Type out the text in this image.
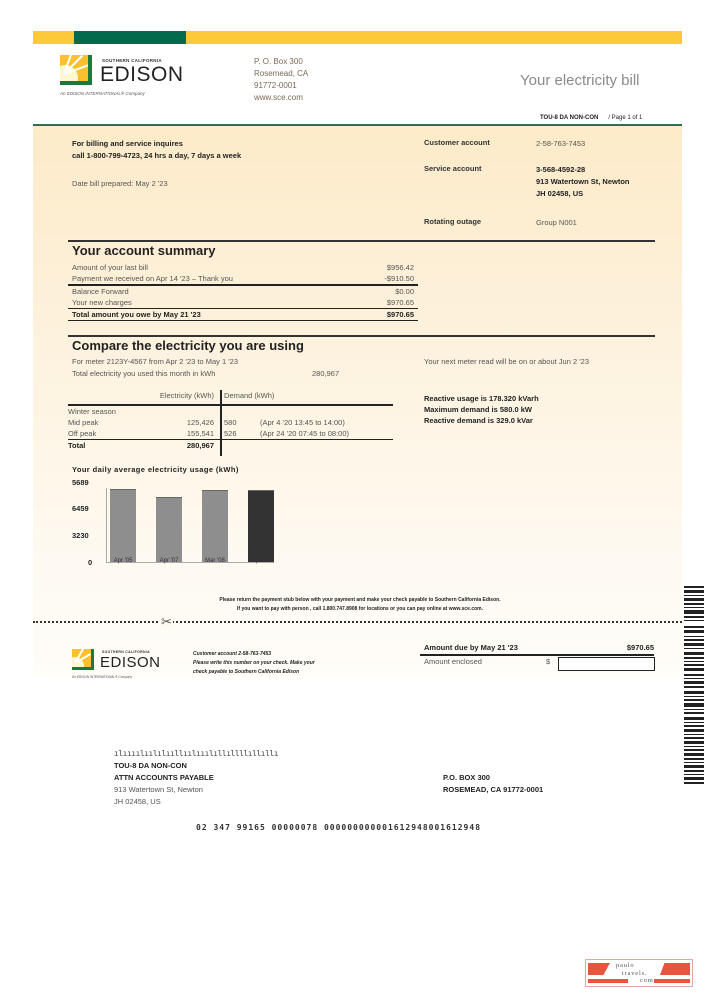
SOUTHERN CALIFORNIA
EDISON
An EDISON INTERNATIONAL® Company
P. O. Box 300
Rosemead, CA
91772-0001
www.sce.com
Your electricity bill
TOU-8 DA NON-CON / Page 1 of 1
For billing and service inquires
call 1-800-799-4723, 24 hrs a day, 7 days a week
Date bill prepared: May 2 '23
Customer account	2-58-763-7453
Service account	3-568-4592-28
913 Watertown St, Newton
JH 02458, US
Rotating outage	Group N001
Your account summary
Amount of your last bill	$956.42
Payment we received on Apr 14 '23 – Thank you	-$910.50
Balance Forward	$0.00
Your new charges	$970.65
Total amount you owe by May 21 '23	$970.65
Compare the electricity you are using
For meter 2123Y-4567 from Apr 2 '23 to May 1 '23
Total electricity you used this month in kWh	280,967
Your next meter read will be on or about Jun 2 '23
Reactive usage is 178.320 kVarh
Maximum demand is 580.0 kW
Reactive demand is 329.0 kVar
Electricity (kWh)	Demand (kWh)
Winter season
Mid peak	125,426	580	(Apr 4 '20 13:45 to 14:00)
Off peak	155,541	526	(Apr 24 '20 07:45 to 08:00)
Total	280,967
Your daily average electricity usage (kWh)
5689
6459
3230
0	Apr '05	Apr '07	Mar '08	Apr '08
Please return the payment stub below with your payment and make your check payable to Southern California Edison.
If you want to pay with person , call 1.800.747.8908 for locations or you can pay online at www.sce.com.
✂
SOUTHERN CALIFORNIA
EDISON
An EDISON INTERNATIONAL® Company
Customer account 2-58-763-7453
Please write this number on your check. Make your
check payable to Southern California Edison
Amount due by May 21 '23	$970.65
Amount enclosed	$
ılıııılıılılııllıılııılıllıllllıllıllı
TOU-8 DA NON-CON
ATTN ACCOUNTS PAYABLE
913 Watertown St, Newton
JH 02458, US
P.O. BOX 300
ROSEMEAD, CA 91772-0001
02 347 99165 00000078 000000000001612948001612948
paulo
travels.
com
